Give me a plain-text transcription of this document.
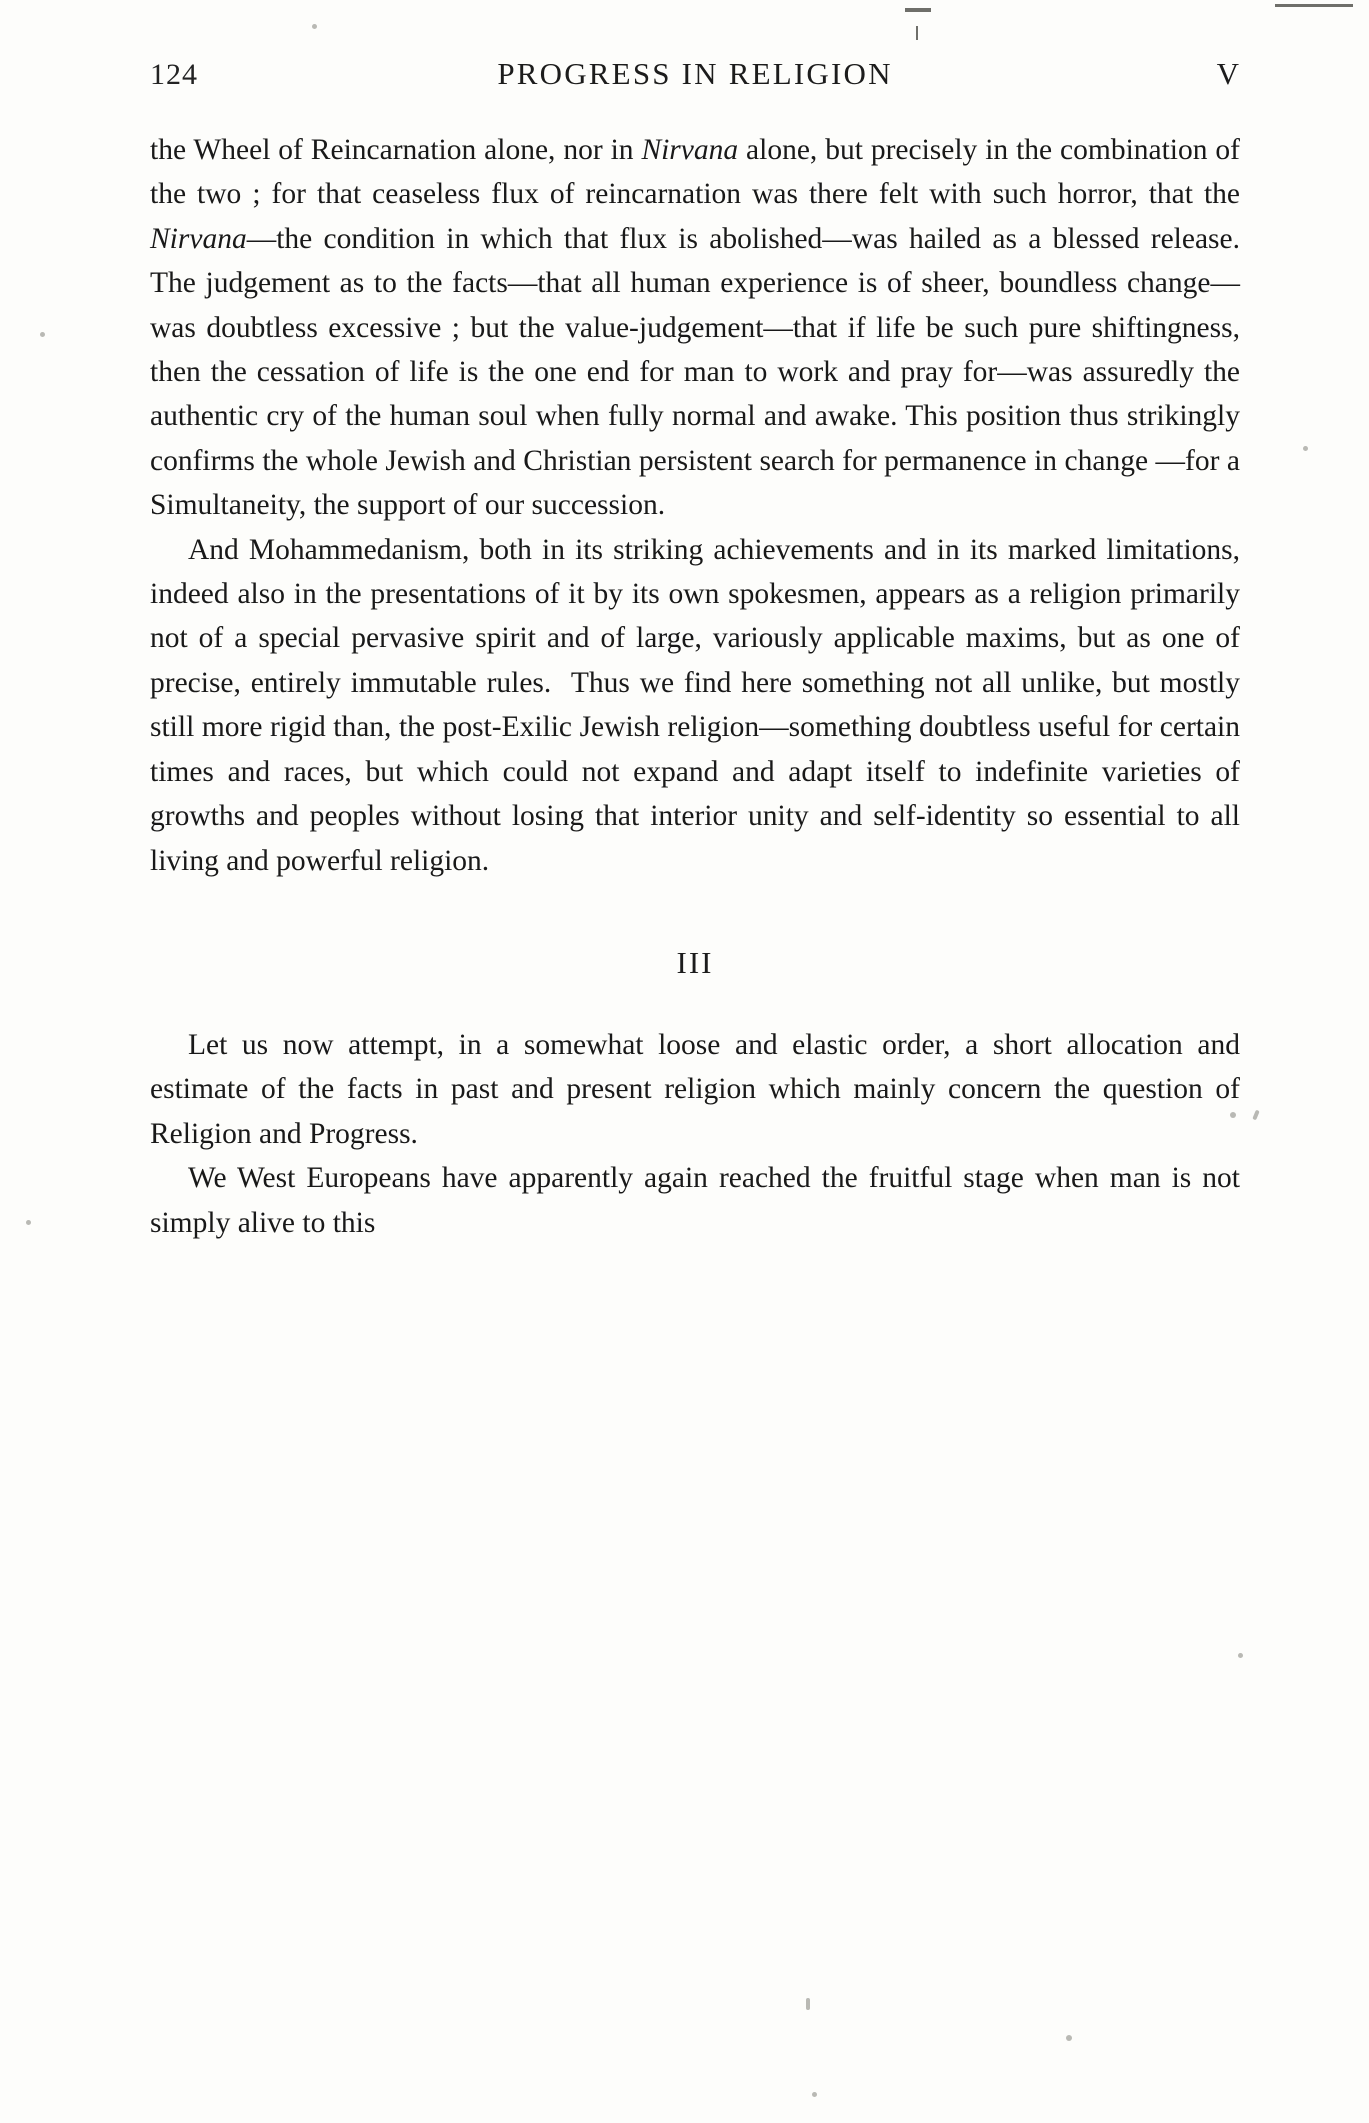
124	PROGRESS IN RELIGION	V

the Wheel of Reincarnation alone, nor in Nirvana alone, but precisely in the combination of the two ; for that ceaseless flux of reincarnation was there felt with such horror, that the Nirvana—the condition in which that flux is abolished—was hailed as a blessed release. The judgement as to the facts—that all human experience is of sheer, boundless change—was doubtless excessive ; but the value-judgement—that if life be such pure shiftingness, then the cessation of life is the one end for man to work and pray for—was assuredly the authentic cry of the human soul when fully normal and awake. This position thus strikingly confirms the whole Jewish and Christian persistent search for permanence in change —for a Simultaneity, the support of our succession.

And Mohammedanism, both in its striking achievements and in its marked limitations, indeed also in the presentations of it by its own spokesmen, appears as a religion primarily not of a special pervasive spirit and of large, variously applicable maxims, but as one of precise, entirely immutable rules.  Thus we find here something not all unlike, but mostly still more rigid than, the post-Exilic Jewish religion—something doubtless useful for certain times and races, but which could not expand and adapt itself to indefinite varieties of growths and peoples without losing that interior unity and self-identity so essential to all living and powerful religion.

III

Let us now attempt, in a somewhat loose and elastic order, a short allocation and estimate of the facts in past and present religion which mainly concern the question of Religion and Progress.

We West Europeans have apparently again reached the fruitful stage when man is not simply alive to this
